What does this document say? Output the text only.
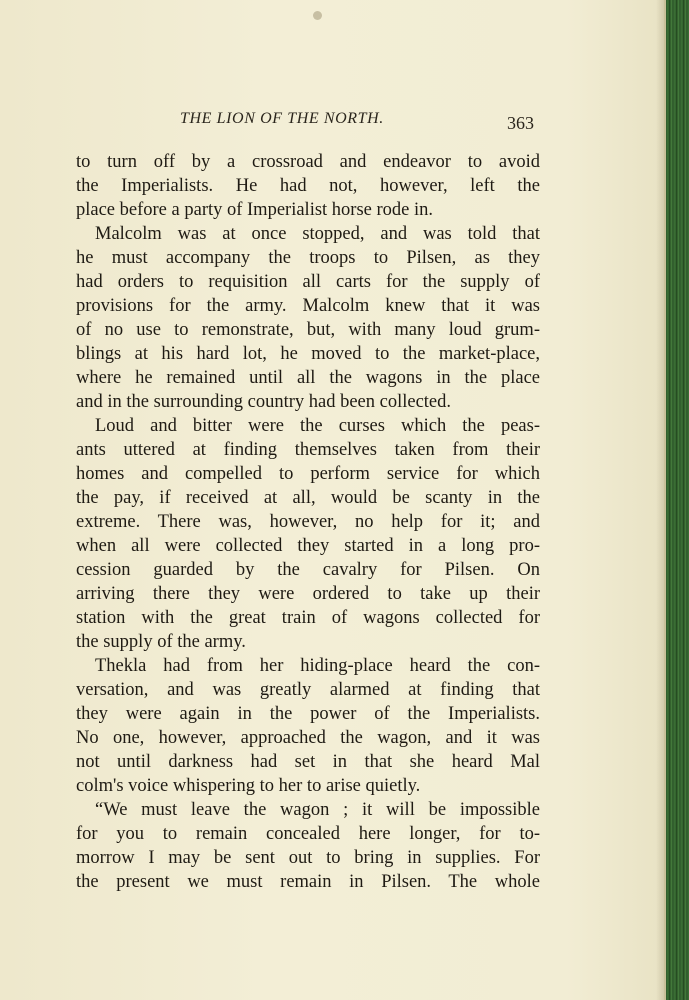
THE LION OF THE NORTH.	363
to turn off by a crossroad and endeavor to avoid
the Imperialists. He had not, however, left the
place before a party of Imperialist horse rode in.
Malcolm was at once stopped, and was told that
he must accompany the troops to Pilsen, as they
had orders to requisition all carts for the supply of
provisions for the army. Malcolm knew that it was
of no use to remonstrate, but, with many loud grum-
blings at his hard lot, he moved to the market-place,
where he remained until all the wagons in the place
and in the surrounding country had been collected.
Loud and bitter were the curses which the peas-
ants uttered at finding themselves taken from their
homes and compelled to perform service for which
the pay, if received at all, would be scanty in the
extreme. There was, however, no help for it; and
when all were collected they started in a long pro-
cession guarded by the cavalry for Pilsen. On
arriving there they were ordered to take up their
station with the great train of wagons collected for
the supply of the army.
Thekla had from her hiding-place heard the con-
versation, and was greatly alarmed at finding that
they were again in the power of the Imperialists.
No one, however, approached the wagon, and it was
not until darkness had set in that she heard Mal
colm's voice whispering to her to arise quietly.
“We must leave the wagon ; it will be impossible
for you to remain concealed here longer, for to-
morrow I may be sent out to bring in supplies. For
the present we must remain in Pilsen. The whole
